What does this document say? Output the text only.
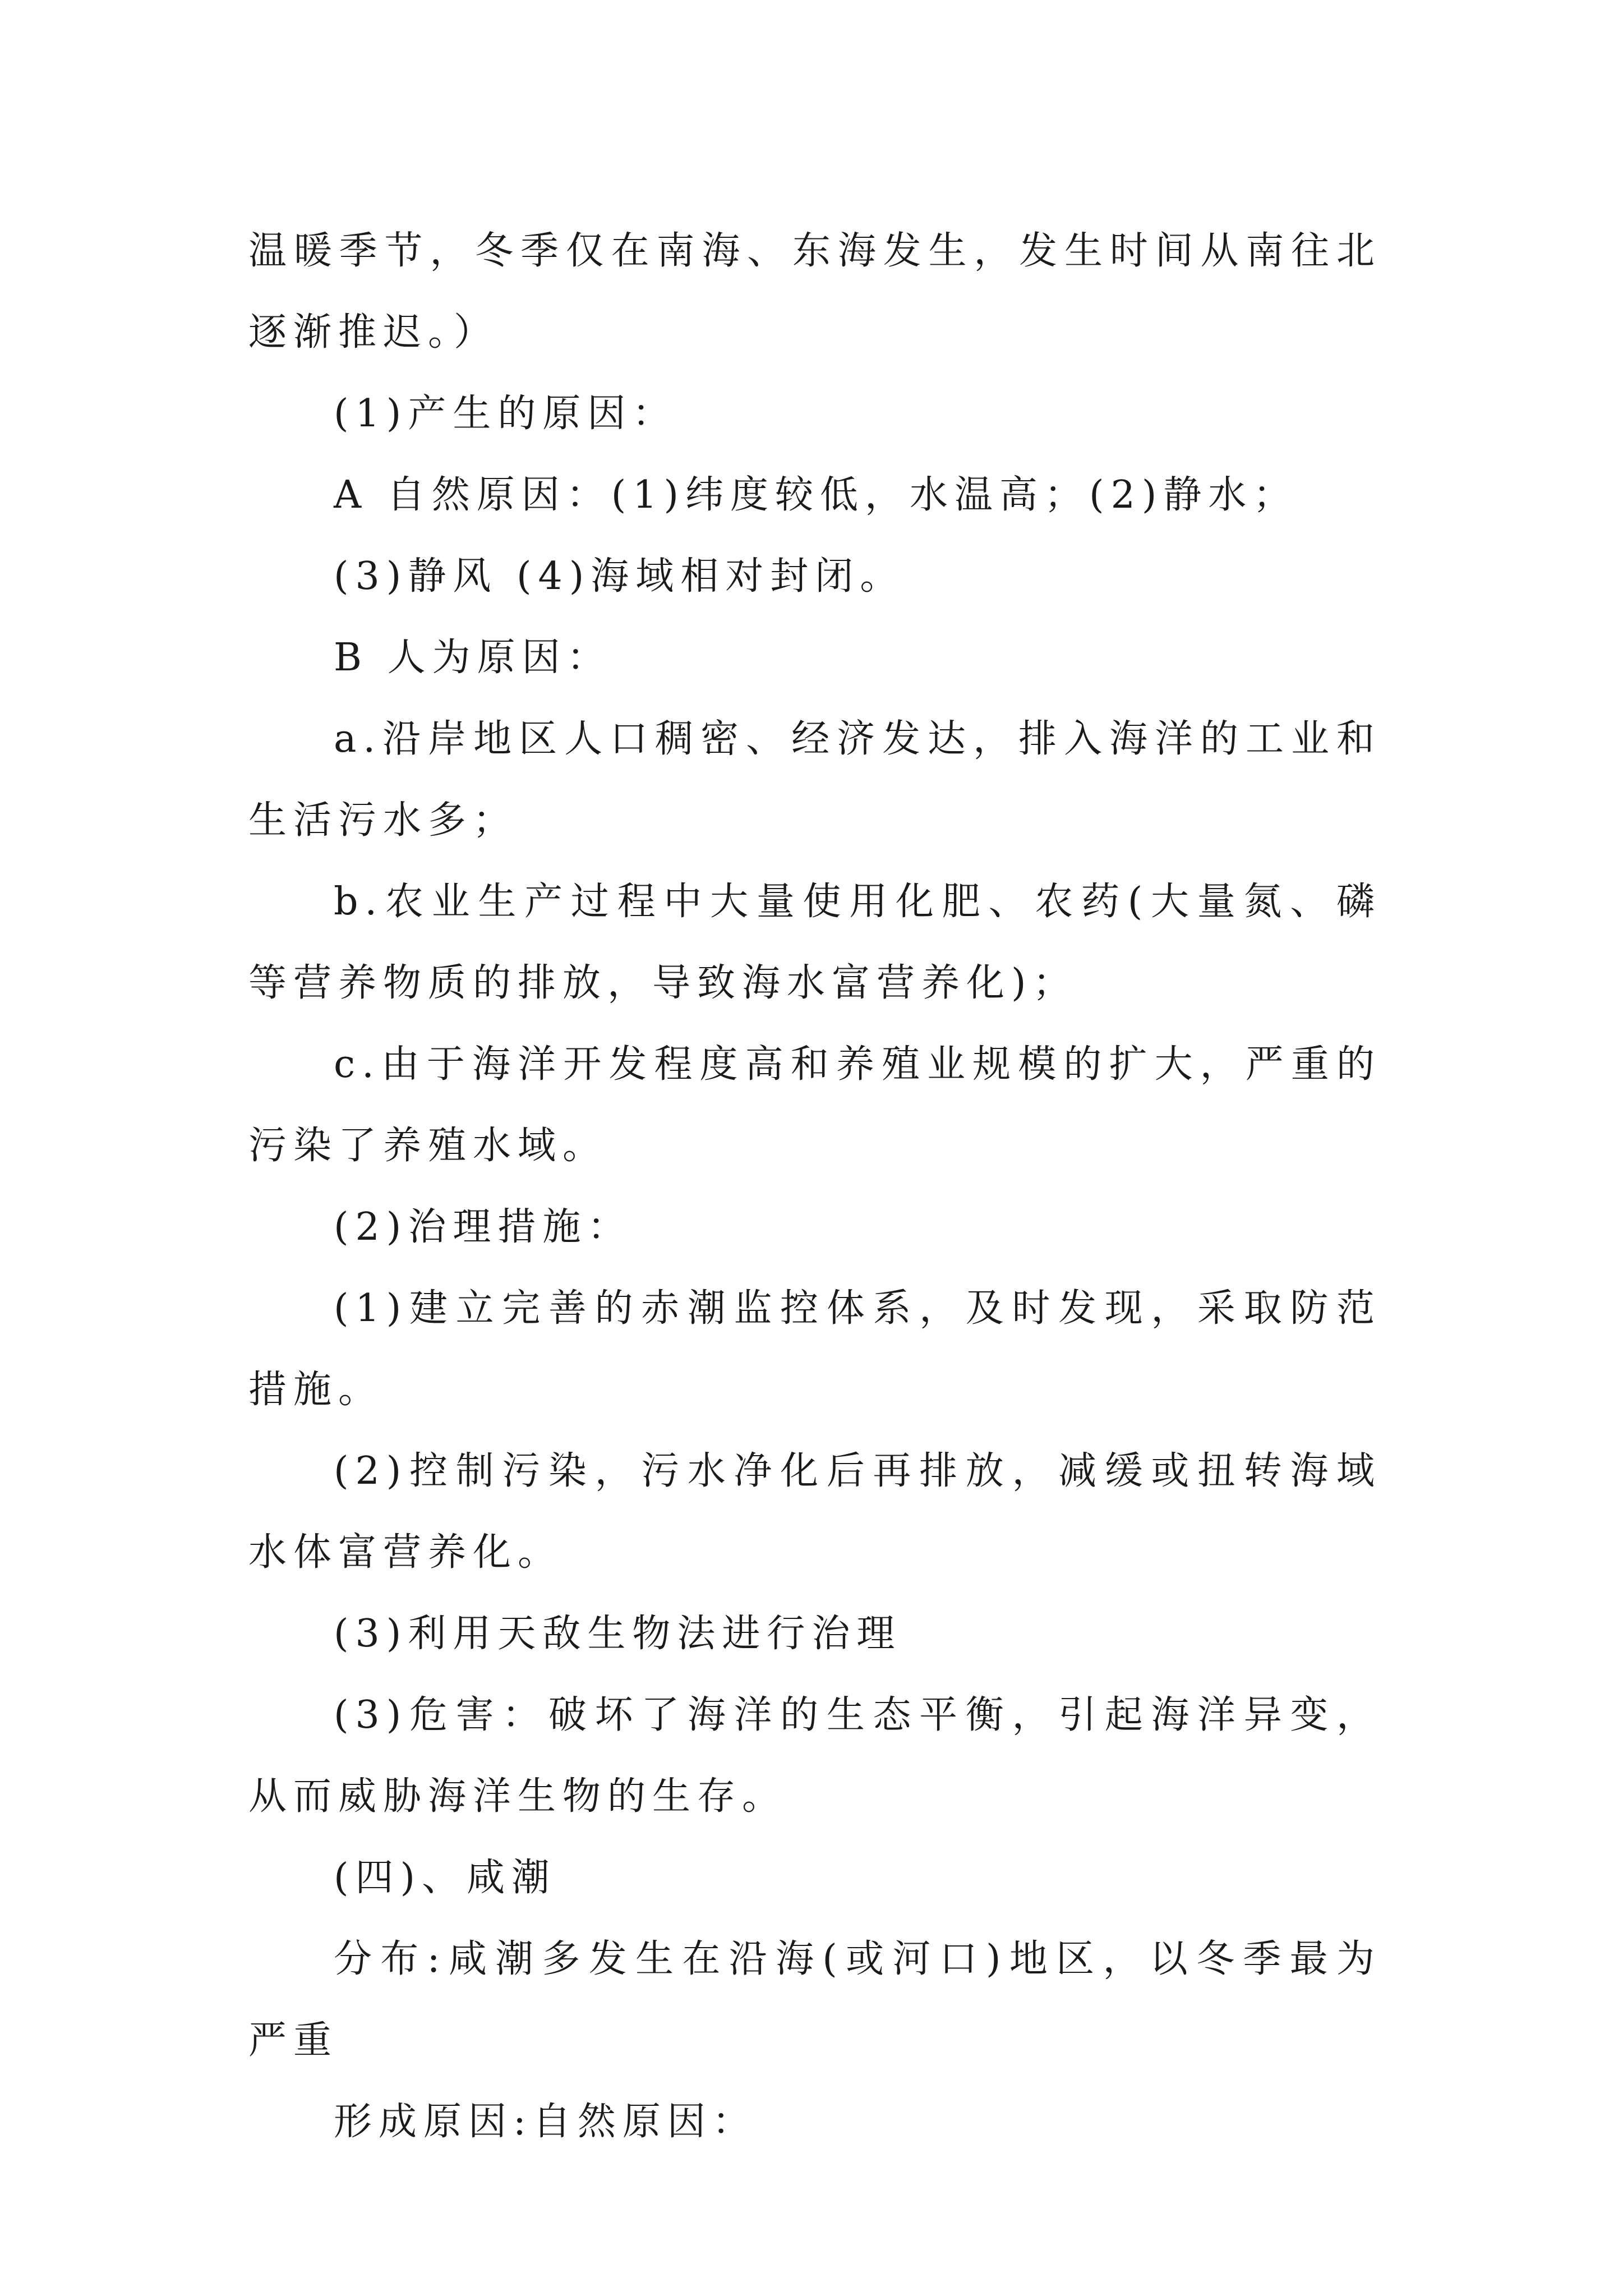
温暖季节，冬季仅在南海、东海发生，发生时间从南往北逐渐推迟。）

(1)产生的原因：

A 自然原因：(1)纬度较低，水温高；(2)静水；

(3)静风 (4)海域相对封闭。

B 人为原因：

a.沿岸地区人口稠密、经济发达，排入海洋的工业和生活污水多；

b.农业生产过程中大量使用化肥、农药(大量氮、磷等营养物质的排放，导致海水富营养化)；

c.由于海洋开发程度高和养殖业规模的扩大，严重的污染了养殖水域。

(2)治理措施：

(1)建立完善的赤潮监控体系，及时发现，采取防范措施。

(2)控制污染，污水净化后再排放，减缓或扭转海域水体富营养化。

(3)利用天敌生物法进行治理

(3)危害：破坏了海洋的生态平衡，引起海洋异变，从而威胁海洋生物的生存。

(四)、咸潮

分布:咸潮多发生在沿海(或河口)地区，以冬季最为严重

形成原因:自然原因：
